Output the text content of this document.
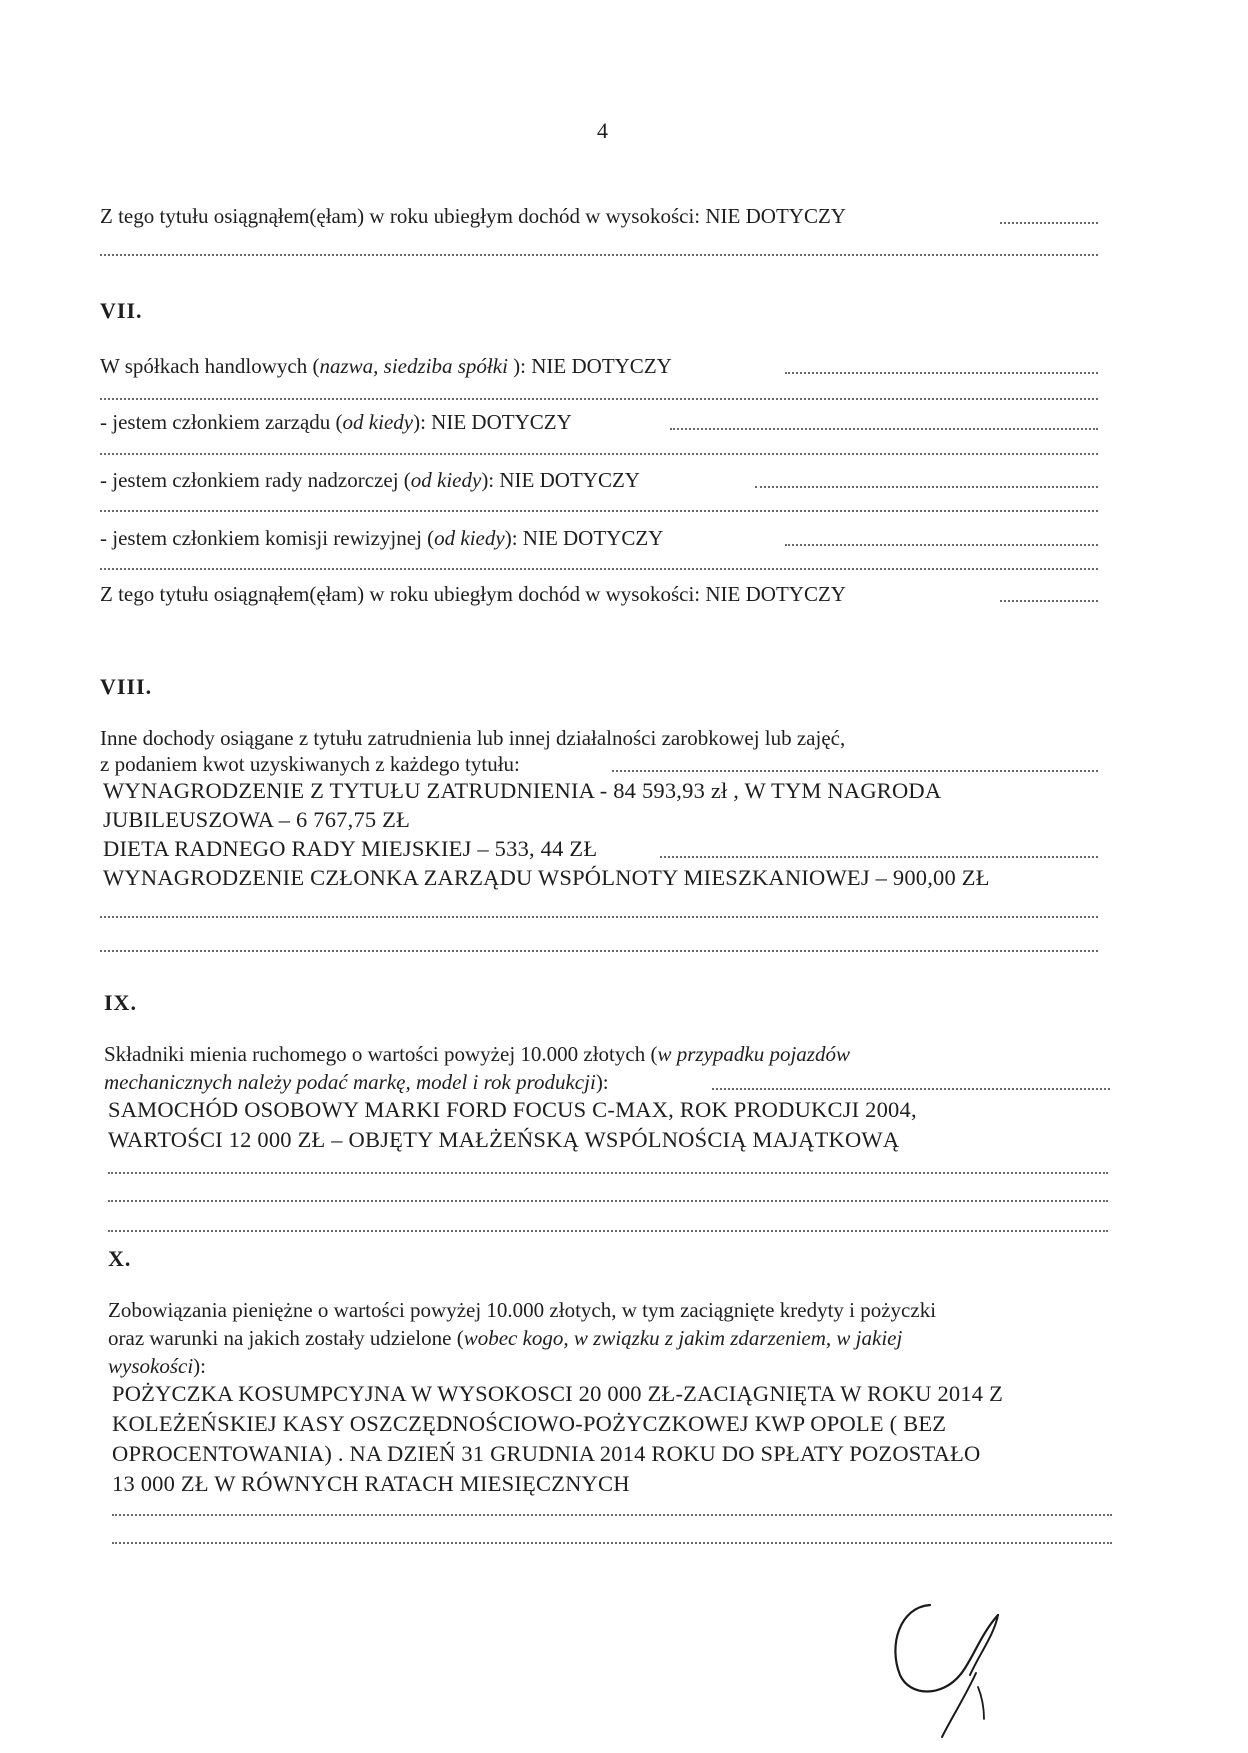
4
Z tego tytułu osiągnąłem(ęłam) w roku ubiegłym dochód w wysokości: NIE DOTYCZY
VII.
W spółkach handlowych (nazwa, siedziba spółki ): NIE DOTYCZY
- jestem członkiem zarządu (od kiedy): NIE DOTYCZY
- jestem członkiem rady nadzorczej (od kiedy): NIE DOTYCZY
- jestem członkiem komisji rewizyjnej (od kiedy): NIE DOTYCZY
Z tego tytułu osiągnąłem(ęłam) w roku ubiegłym dochód w wysokości: NIE DOTYCZY
VIII.
Inne dochody osiągane z tytułu zatrudnienia lub innej działalności zarobkowej lub zajęć,
z podaniem kwot uzyskiwanych z każdego tytułu:
WYNAGRODZENIE Z TYTUŁU ZATRUDNIENIA - 84 593,93 zł , W TYM NAGRODA
JUBILEUSZOWA – 6 767,75 ZŁ
DIETA RADNEGO RADY MIEJSKIEJ – 533, 44 ZŁ
WYNAGRODZENIE CZŁONKA ZARZĄDU WSPÓLNOTY MIESZKANIOWEJ – 900,00 ZŁ
IX.
Składniki mienia ruchomego o wartości powyżej 10.000 złotych (w przypadku pojazdów
mechanicznych należy podać markę, model i rok produkcji):
SAMOCHÓD OSOBOWY MARKI FORD FOCUS C-MAX, ROK PRODUKCJI 2004,
WARTOŚCI 12 000 ZŁ – OBJĘTY MAŁŻEŃSKĄ WSPÓLNOŚCIĄ MAJĄTKOWĄ
X.
Zobowiązania pieniężne o wartości powyżej 10.000 złotych, w tym zaciągnięte kredyty i pożyczki
oraz warunki na jakich zostały udzielone (wobec kogo, w związku z jakim zdarzeniem, w jakiej
wysokości):
POŻYCZKA KOSUMPCYJNA W WYSOKOSCI 20 000 ZŁ-ZACIĄGNIĘTA W ROKU 2014 Z
KOLEŻEŃSKIEJ KASY OSZCZĘDNOŚCIOWO-POŻYCZKOWEJ KWP OPOLE ( BEZ
OPROCENTOWANIA) . NA DZIEŃ 31 GRUDNIA 2014 ROKU DO SPŁATY POZOSTAŁO
13 000 ZŁ W RÓWNYCH RATACH MIESIĘCZNYCH
